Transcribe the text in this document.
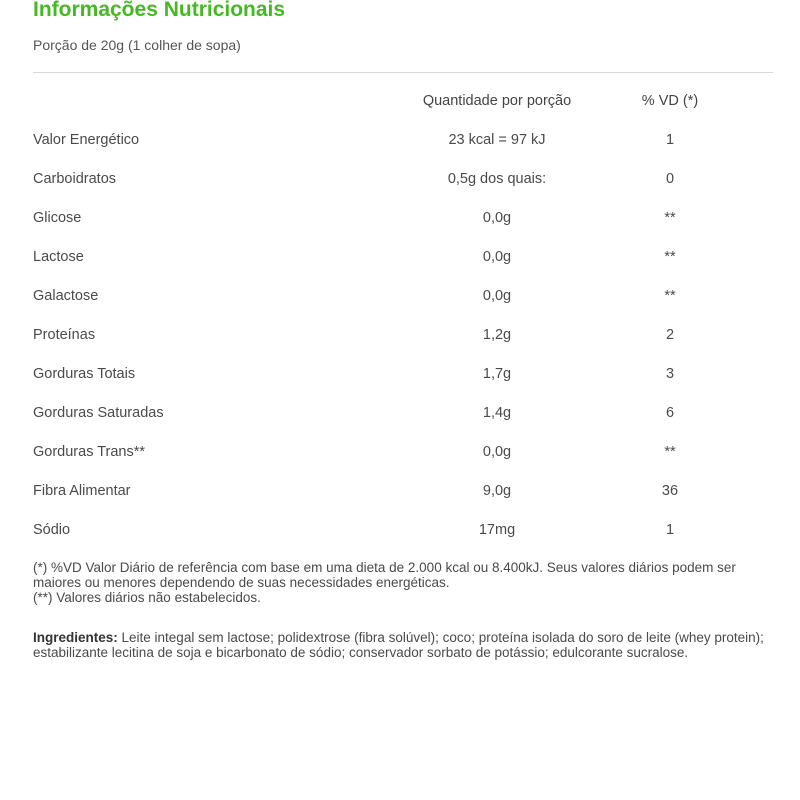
Informações Nutricionais
Porção de 20g (1 colher de sopa)
	Quantidade por porção	% VD (*)
Valor Energético	23 kcal = 97 kJ	1
Carboidratos	0,5g dos quais:	0
Glicose	0,0g	**
Lactose	0,0g	**
Galactose	0,0g	**
Proteínas	1,2g	2
Gorduras Totais	1,7g	3
Gorduras Saturadas	1,4g	6
Gorduras Trans**	0,0g	**
Fibra Alimentar	9,0g	36
Sódio	17mg	1

(*) %VD Valor Diário de referência com base em uma dieta de 2.000 kcal ou 8.400kJ. Seus valores diários podem ser maiores ou menores dependendo de suas necessidades energéticas.

(**) Valores diários não estabelecidos.

Ingredientes: Leite integal sem lactose; polidextrose (fibra solúvel); coco; proteína isolada do soro de leite (whey protein); estabilizante lecitina de soja e bicarbonato de sódio; conservador sorbato de potássio; edulcorante sucralose.
